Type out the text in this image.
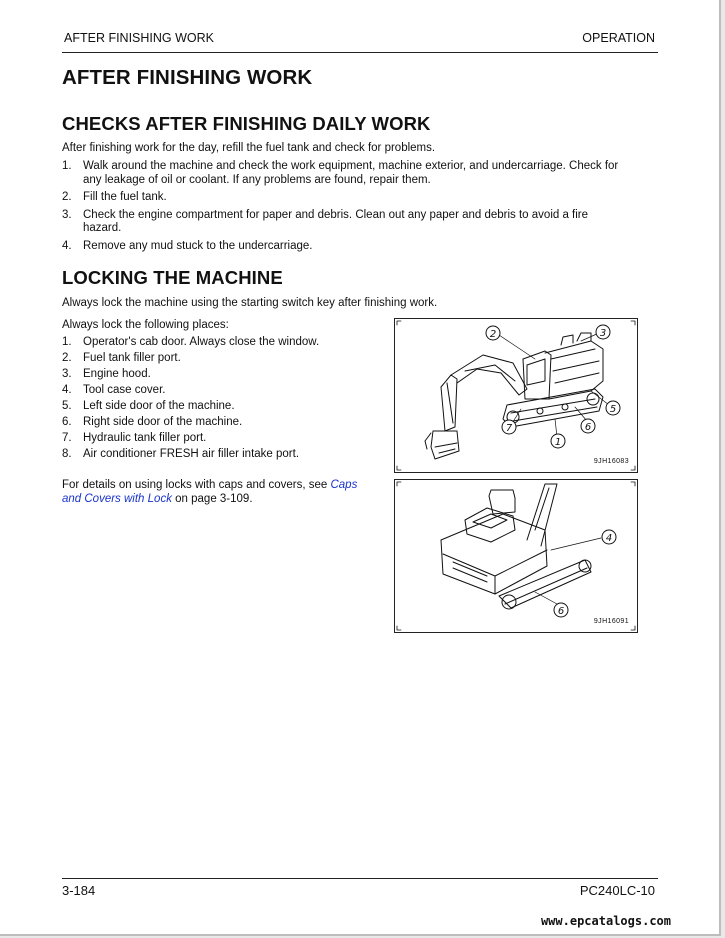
AFTER FINISHING WORK	OPERATION
AFTER FINISHING WORK
CHECKS AFTER FINISHING DAILY WORK
After finishing work for the day, refill the fuel tank and check for problems.
1. Walk around the machine and check the work equipment, machine exterior, and undercarriage. Check for
any leakage of oil or coolant. If any problems are found, repair them.
2. Fill the fuel tank.
3. Check the engine compartment for paper and debris. Clean out any paper and debris to avoid a fire
hazard.
4. Remove any mud stuck to the undercarriage.
LOCKING THE MACHINE
Always lock the machine using the starting switch key after finishing work.
Always lock the following places:
1. Operator's cab door. Always close the window.
2. Fuel tank filler port.
3. Engine hood.
4. Tool case cover.
5. Left side door of the machine.
6. Right side door of the machine.
7. Hydraulic tank filler port.
8. Air conditioner FRESH air filler intake port.
For details on using locks with caps and covers, see Caps
and Covers with Lock on page 3-109.
2	3
5
6
7
1
9JH16083
4
6
9JH16091
3-184	PC240LC-10
www.epcatalogs.com
